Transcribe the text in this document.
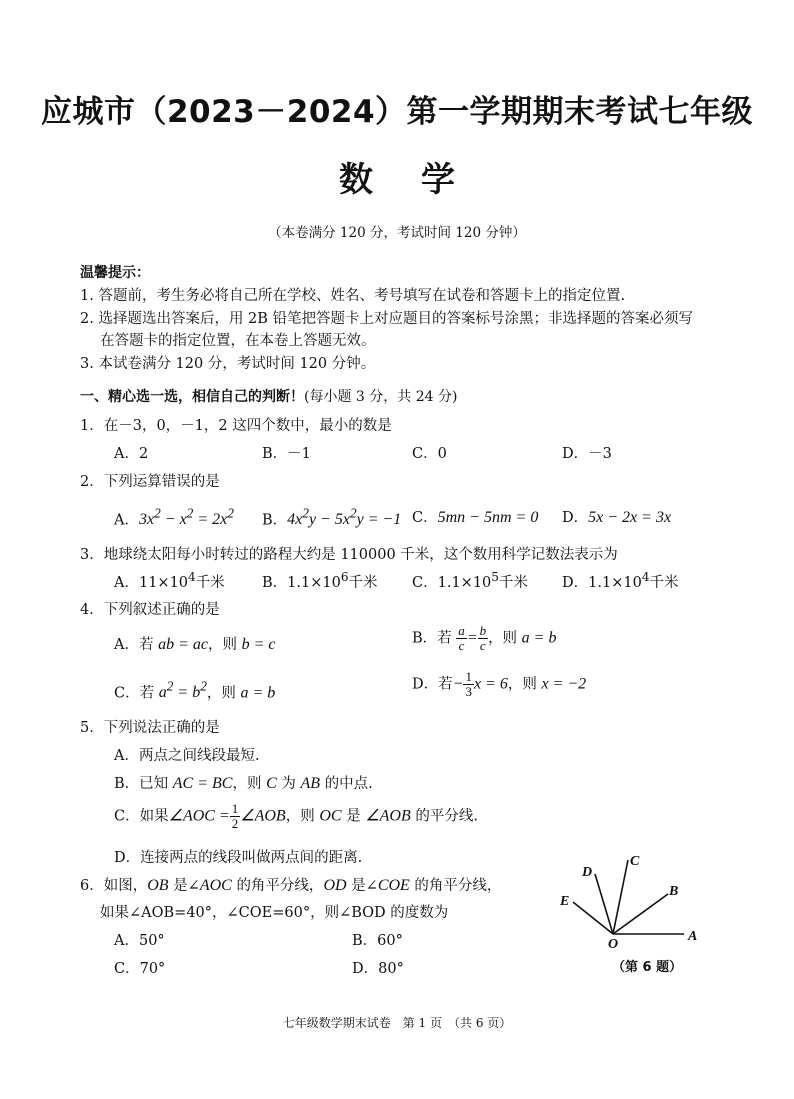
应城市（2023－2024）第一学期期末考试七年级
数学
（本卷满分 120 分，考试时间 120 分钟）
温馨提示：
1. 答题前，考生务必将自己所在学校、姓名、考号填写在试卷和答题卡上的指定位置.
2. 选择题选出答案后，用 2B 铅笔把答题卡上对应题目的答案标号涂黑；非选择题的答案必须写
在答题卡的指定位置，在本卷上答题无效。
3. 本试卷满分 120 分，考试时间 120 分钟。
一、精心选一选，相信自己的判断！(每小题 3 分，共 24 分)
1．在－3，0，－1，2 这四个数中，最小的数是
A．2	B．－1	C．0	D．－3
2．下列运算错误的是
A．$3x^2 - x^2 = 2x^2$ B．$4x^2y - 5x^2y = -1$ C．5mn − 5nm = 0 D．5x − 2x = 3x
3．地球绕太阳每小时转过的路程大约是 110000 千米，这个数用科学记数法表示为
A．$11\times 10^4$千米	B．$1.1\times 10^6$千米 C．$1.1\times 10^5$千米 D．$1.1\times 10^4$千米
4．下列叙述正确的是
A．若 ab = ac，则 b = c	B．若 $\frac{a}{c} = \frac{b}{c}$ ，则 a = b
C．若 $a^2 = b^2$，则 a = b	D．若− $\frac{1}{3}$ x = 6，则 x = −2
5．下列说法正确的是
A．两点之间线段最短.
B．已知 AC = BC，则 C 为 AB 的中点.
C．如果∠AOC = $\frac{1}{2}$ ∠AOB，则 OC 是 ∠AOB 的平分线.
D．连接两点的线段叫做两点间的距离.
6．如图，OB 是∠AOC 的角平分线，OD 是∠COE 的角平分线，
如果∠AOB=40°，∠COE=60°，则∠BOD 的度数为
A．50°	B．60°
C．70°	D．80°
D
C
B
E
O
A
（第 6 题）
七年级数学期末试卷　第 1 页　（共 6 页）
